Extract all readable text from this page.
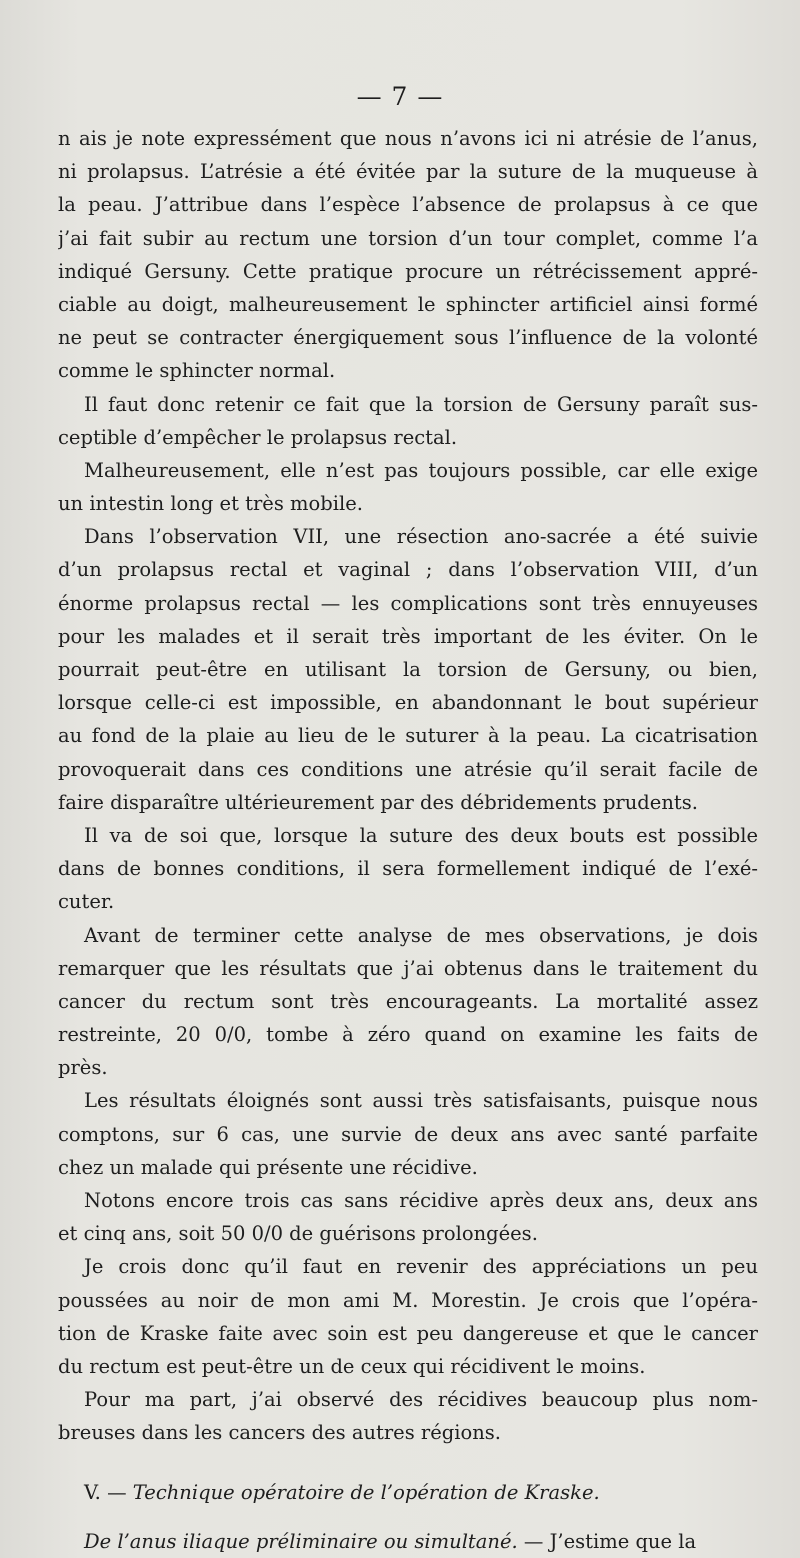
— 7 —
n ais je note expressément que nous n’avons ici ni atrésie de l’anus,
ni prolapsus. L’atrésie a été évitée par la suture de la muqueuse à
la peau. J’attribue dans l’espèce l’absence de prolapsus à ce que
j’ai fait subir au rectum une torsion d’un tour complet, comme l’a
indiqué Gersuny. Cette pratique procure un rétrécissement appré-
ciable au doigt, malheureusement le sphincter artificiel ainsi formé
ne peut se contracter énergiquement sous l’influence de la volonté
comme le sphincter normal.
Il faut donc retenir ce fait que la torsion de Gersuny paraît sus-
ceptible d’empêcher le prolapsus rectal.
Malheureusement, elle n’est pas toujours possible, car elle exige
un intestin long et très mobile.
Dans l’observation VII, une résection ano-sacrée a été suivie
d’un prolapsus rectal et vaginal ; dans l’observation VIII, d’un
énorme prolapsus rectal — les complications sont très ennuyeuses
pour les malades et il serait très important de les éviter. On le
pourrait peut-être en utilisant la torsion de Gersuny, ou bien,
lorsque celle-ci est impossible, en abandonnant le bout supérieur
au fond de la plaie au lieu de le suturer à la peau. La cicatrisation
provoquerait dans ces conditions une atrésie qu’il serait facile de
faire disparaître ultérieurement par des débridements prudents.
Il va de soi que, lorsque la suture des deux bouts est possible
dans de bonnes conditions, il sera formellement indiqué de l’exé-
cuter.
Avant de terminer cette analyse de mes observations, je dois
remarquer que les résultats que j’ai obtenus dans le traitement du
cancer du rectum sont très encourageants. La mortalité assez
restreinte, 20 0/0, tombe à zéro quand on examine les faits de
près.
Les résultats éloignés sont aussi très satisfaisants, puisque nous
comptons, sur 6 cas, une survie de deux ans avec santé parfaite
chez un malade qui présente une récidive.
Notons encore trois cas sans récidive après deux ans, deux ans
et cinq ans, soit 50 0/0 de guérisons prolongées.
Je crois donc qu’il faut en revenir des appréciations un peu
poussées au noir de mon ami M. Morestin. Je crois que l’opéra-
tion de Kraske faite avec soin est peu dangereuse et que le cancer
du rectum est peut-être un de ceux qui récidivent le moins.
Pour ma part, j’ai observé des récidives beaucoup plus nom-
breuses dans les cancers des autres régions.
V. — Technique opératoire de l’opération de Kraske.
De l’anus iliaque préliminaire ou simultané. — J’estime que la
